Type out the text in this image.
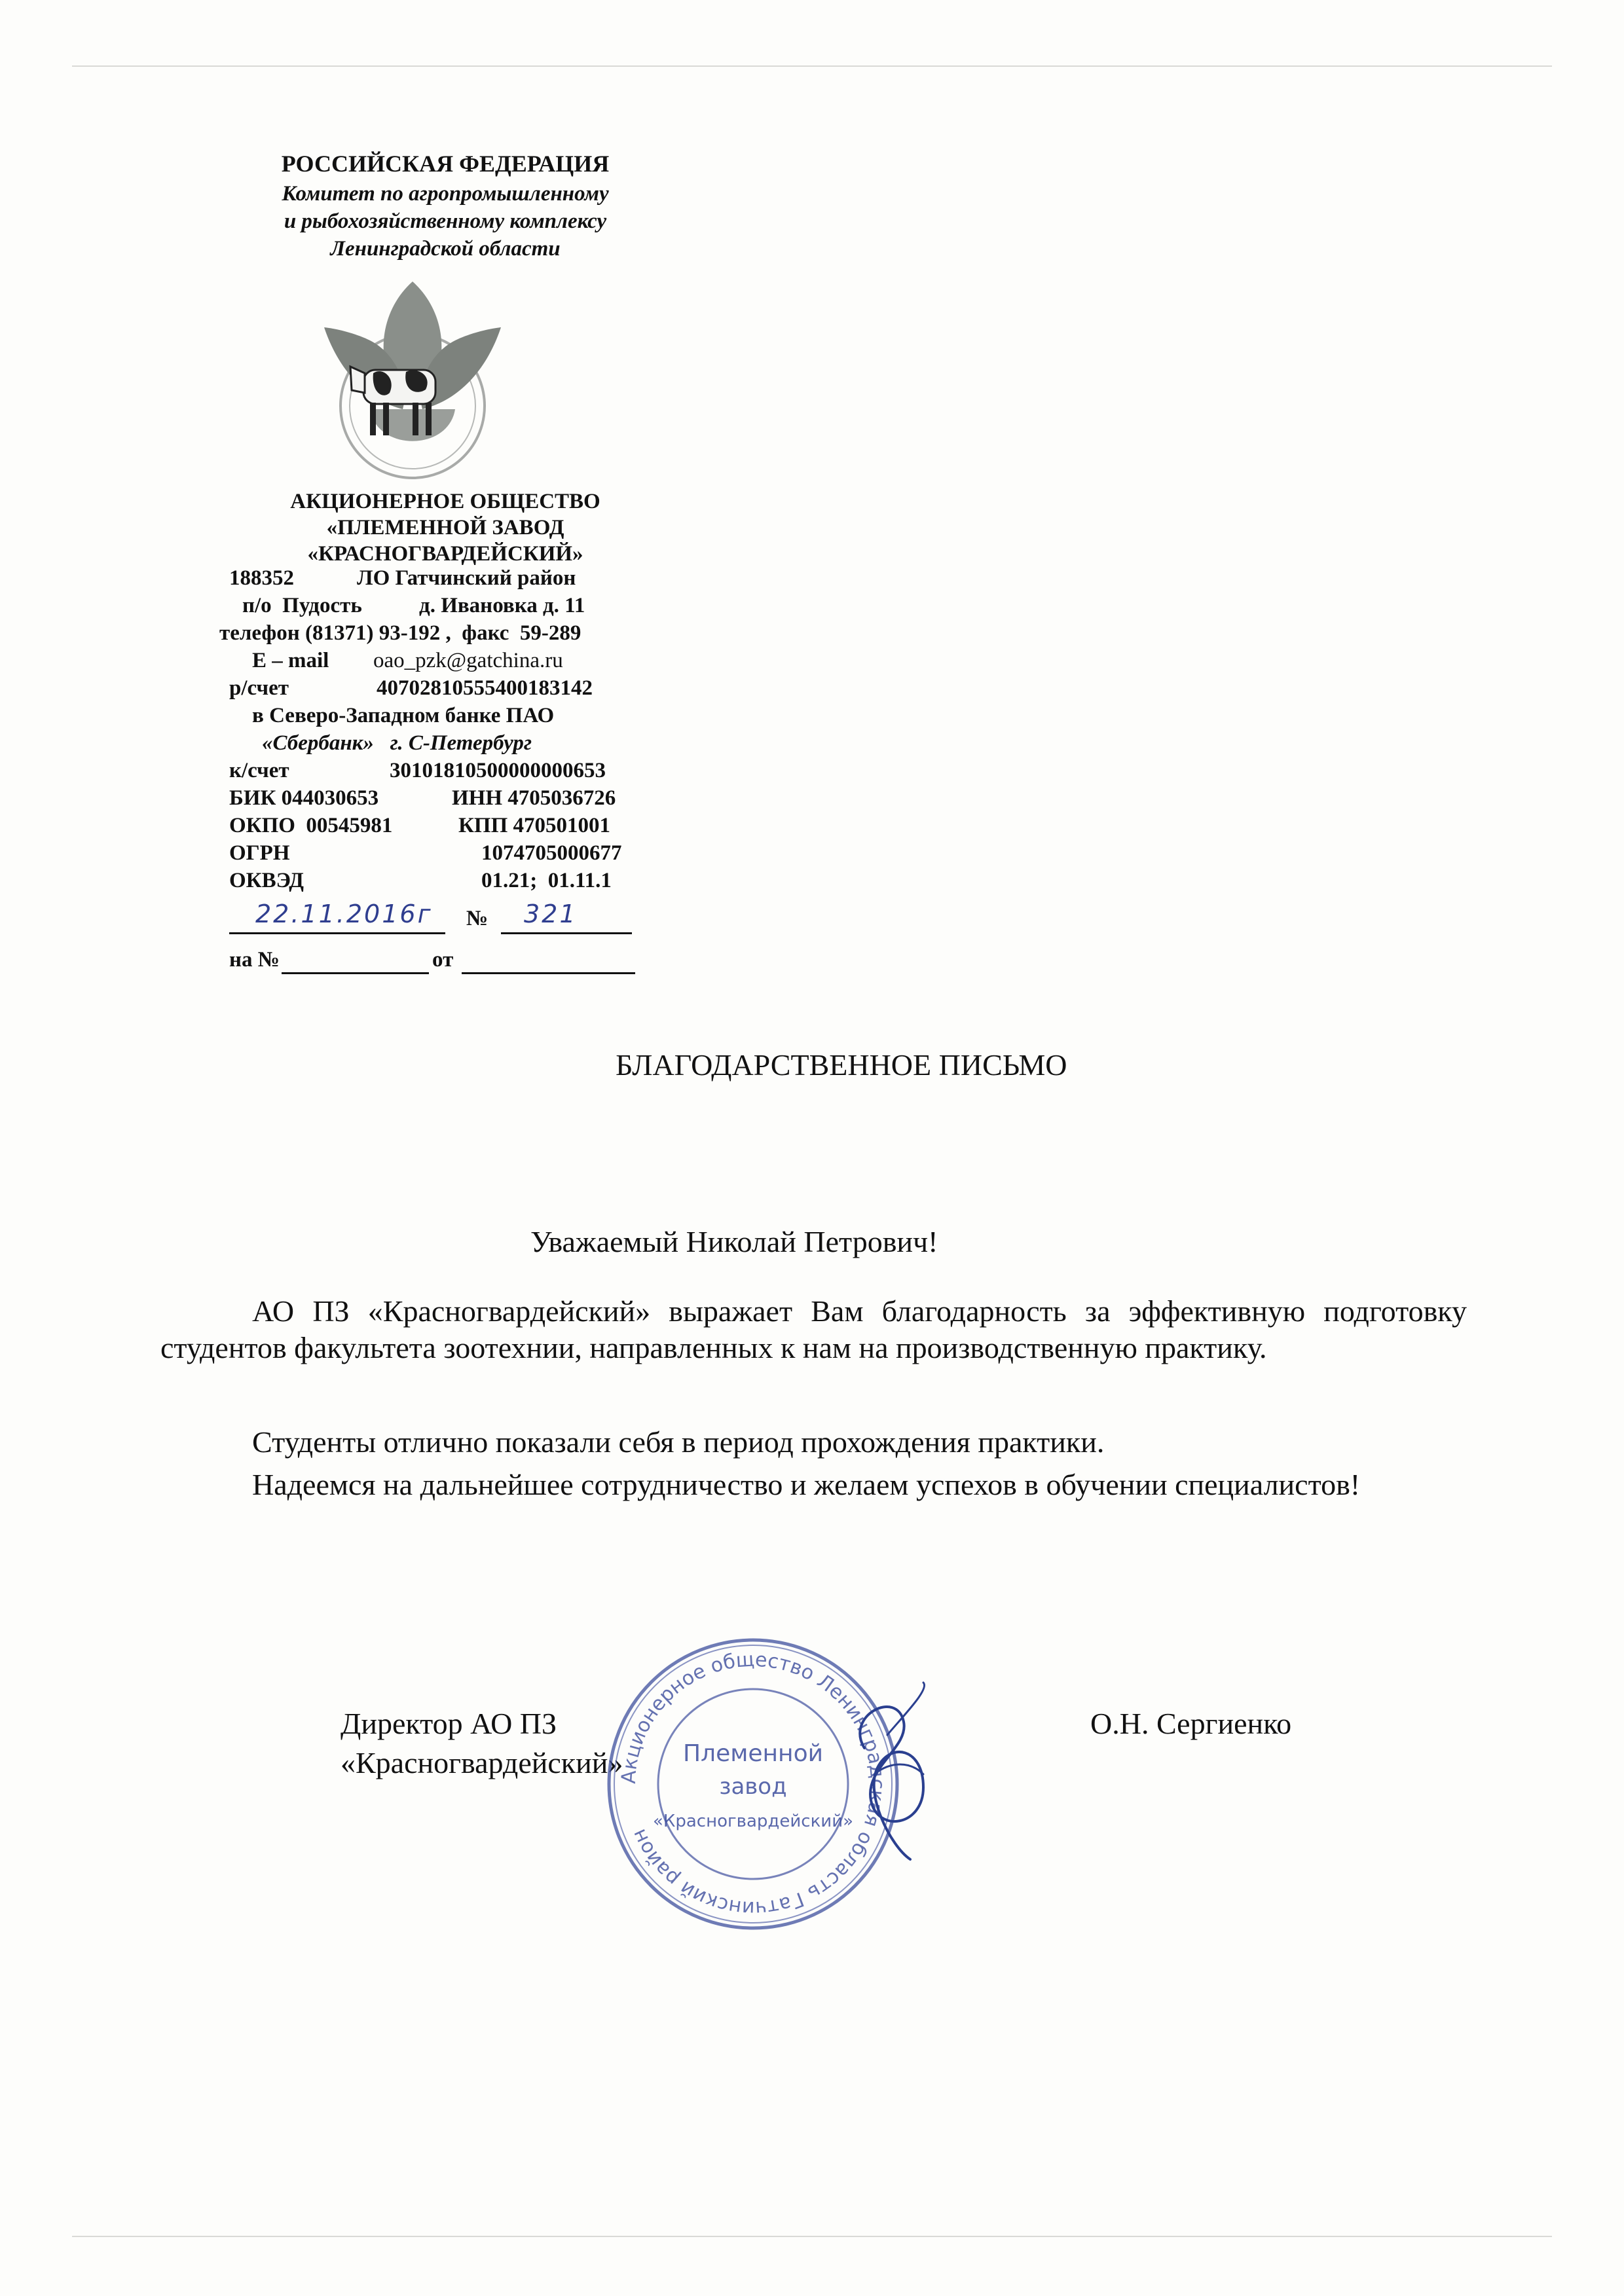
РОССИЙСКАЯ ФЕДЕРАЦИЯ
Комитет по агропромышленному
и рыбохозяйственному комплексу
Ленинградской области
АКЦИОНЕРНОЕ ОБЩЕСТВО
«ПЛЕМЕННОЙ ЗАВОД
«КРАСНОГВАРДЕЙСКИЙ»
188352	ЛО Гатчинский район
п/о  Пудость	д. Ивановка д. 11
телефон (81371) 93-192 ,  факс  59-289
E – mail oao_pzk@gatchina.ru
р/счет	40702810555400183142
в Северо-Западном банке ПАО
«Сбербанк»   г. С-Петербург
к/счет	30101810500000000653
БИК 044030653	ИНН 4705036726
ОКПО  00545981	КПП 470501001
ОГРН	1074705000677
ОКВЭД	01.21;  01.11.1
22.11.2016г № 321
на №	от
БЛАГОДАРСТВЕННОЕ ПИСЬМО
Уважаемый Николай Петрович!
АО ПЗ «Красногвардейский» выражает Вам благодарность за эффективную подготовку студентов факультета зоотехнии, направленных к нам на производственную практику.
Студенты отлично показали себя в период прохождения практики.
Надеемся на дальнейшее сотрудничество и желаем успехов в обучении специалистов!
Директор АО ПЗ
«Красногвардейский»
О.Н. Сергиенко
Акционерное общество Ленинградская область Гатчинский район
Племенной
завод
«Красногвардейский»
